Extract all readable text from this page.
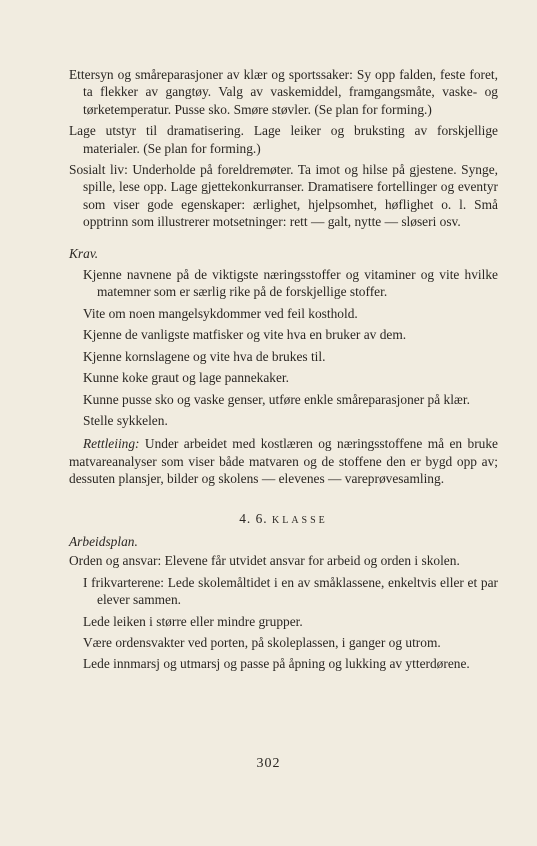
Ettersyn og småreparasjoner av klær og sportssaker: Sy opp falden, feste foret, ta flekker av gangtøy. Valg av vaskemiddel, framgangsmåte, vaske- og tørketemperatur. Pusse sko. Smøre støvler. (Se plan for forming.)

Lage utstyr til dramatisering. Lage leiker og bruksting av forskjellige materialer. (Se plan for forming.)

Sosialt liv: Underholde på foreldremøter. Ta imot og hilse på gjestene. Synge, spille, lese opp. Lage gjettekonkurranser. Dramatisere fortellinger og eventyr som viser gode egenskaper: ærlighet, hjelpsomhet, høflighet o. l. Små opptrinn som illustrerer motsetninger: rett — galt, nytte — sløseri osv.

Krav.

Kjenne navnene på de viktigste næringsstoffer og vitaminer og vite hvilke matemner som er særlig rike på de forskjellige stoffer.

Vite om noen mangelsykdommer ved feil kosthold.

Kjenne de vanligste matfisker og vite hva en bruker av dem.

Kjenne kornslagene og vite hva de brukes til.

Kunne koke graut og lage pannekaker.

Kunne pusse sko og vaske genser, utføre enkle småreparasjoner på klær.

Stelle sykkelen.

Rettleiing: Under arbeidet med kostlæren og næringsstoffene må en bruke matvareanalyser som viser både matvaren og de stoffene den er bygd opp av; dessuten plansjer, bilder og skolens — elevenes — vareprøvesamling.

4. 6. KLASSE

Arbeidsplan.

Orden og ansvar: Elevene får utvidet ansvar for arbeid og orden i skolen.

I frikvarterene: Lede skolemåltidet i en av småklassene, enkeltvis eller et par elever sammen.

Lede leiken i større eller mindre grupper.

Være ordensvakter ved porten, på skoleplassen, i ganger og utrom.

Lede innmarsj og utmarsj og passe på åpning og lukking av ytterdørene.

302
